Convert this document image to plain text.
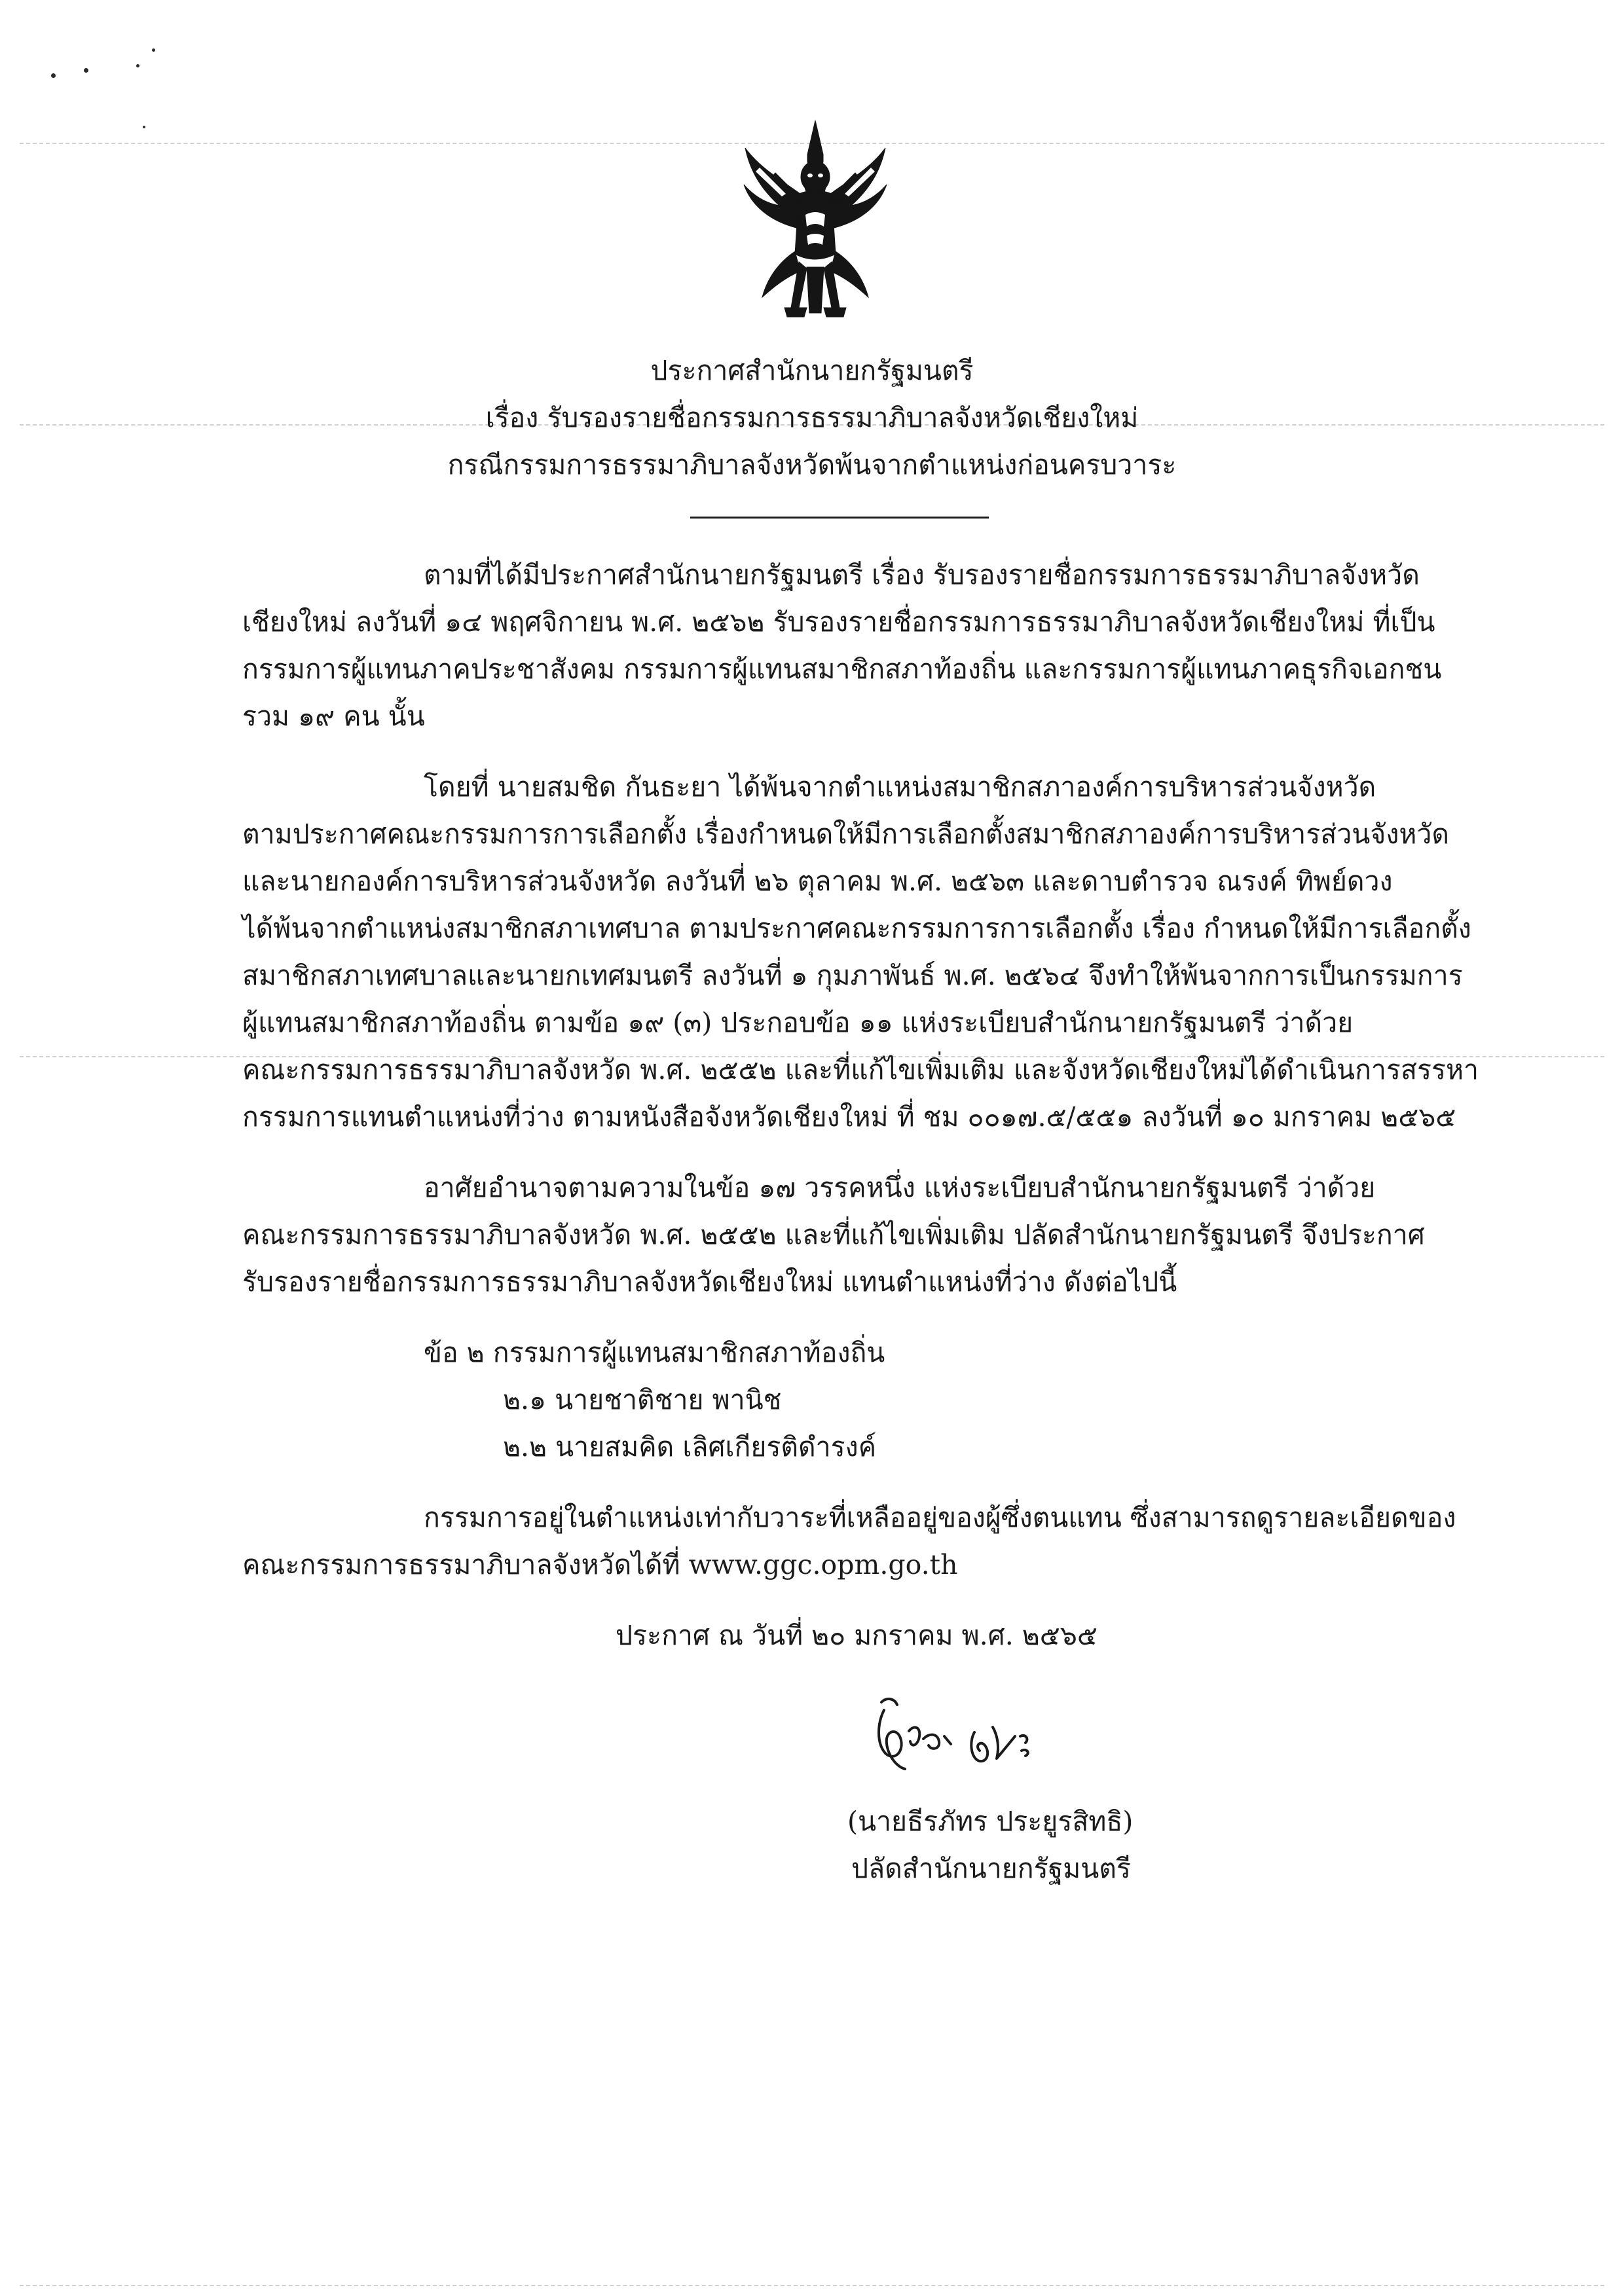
ประกาศสำนักนายกรัฐมนตรี
เรื่อง รับรองรายชื่อกรรมการธรรมาภิบาลจังหวัดเชียงใหม่
กรณีกรรมการธรรมาภิบาลจังหวัดพ้นจากตำแหน่งก่อนครบวาระ
ตามที่ได้มีประกาศสำนักนายกรัฐมนตรี เรื่อง รับรองรายชื่อกรรมการธรรมาภิบาลจังหวัด
เชียงใหม่ ลงวันที่ ๑๔ พฤศจิกายน พ.ศ. ๒๕๖๒ รับรองรายชื่อกรรมการธรรมาภิบาลจังหวัดเชียงใหม่ ที่เป็น
กรรมการผู้แทนภาคประชาสังคม กรรมการผู้แทนสมาชิกสภาท้องถิ่น และกรรมการผู้แทนภาคธุรกิจเอกชน
รวม ๑๙ คน นั้น
โดยที่ นายสมชิด กันธะยา ได้พ้นจากตำแหน่งสมาชิกสภาองค์การบริหารส่วนจังหวัด
ตามประกาศคณะกรรมการการเลือกตั้ง เรื่องกำหนดให้มีการเลือกตั้งสมาชิกสภาองค์การบริหารส่วนจังหวัด
และนายกองค์การบริหารส่วนจังหวัด ลงวันที่ ๒๖ ตุลาคม พ.ศ. ๒๕๖๓ และดาบตำรวจ ณรงค์ ทิพย์ดวง
ได้พ้นจากตำแหน่งสมาชิกสภาเทศบาล ตามประกาศคณะกรรมการการเลือกตั้ง เรื่อง กำหนดให้มีการเลือกตั้ง
สมาชิกสภาเทศบาลและนายกเทศมนตรี ลงวันที่ ๑ กุมภาพันธ์ พ.ศ. ๒๕๖๔ จึงทำให้พ้นจากการเป็นกรรมการ
ผู้แทนสมาชิกสภาท้องถิ่น ตามข้อ ๑๙ (๓) ประกอบข้อ ๑๑ แห่งระเบียบสำนักนายกรัฐมนตรี ว่าด้วย
คณะกรรมการธรรมาภิบาลจังหวัด พ.ศ. ๒๕๕๒ และที่แก้ไขเพิ่มเติม และจังหวัดเชียงใหม่ได้ดำเนินการสรรหา
กรรมการแทนตำแหน่งที่ว่าง ตามหนังสือจังหวัดเชียงใหม่ ที่ ชม ๐๐๑๗.๕/๕๕๑ ลงวันที่ ๑๐ มกราคม ๒๕๖๕
อาศัยอำนาจตามความในข้อ ๑๗ วรรคหนึ่ง แห่งระเบียบสำนักนายกรัฐมนตรี ว่าด้วย
คณะกรรมการธรรมาภิบาลจังหวัด พ.ศ. ๒๕๕๒ และที่แก้ไขเพิ่มเติม ปลัดสำนักนายกรัฐมนตรี จึงประกาศ
รับรองรายชื่อกรรมการธรรมาภิบาลจังหวัดเชียงใหม่ แทนตำแหน่งที่ว่าง ดังต่อไปนี้
ข้อ ๒ กรรมการผู้แทนสมาชิกสภาท้องถิ่น
๒.๑ นายชาติชาย พานิช
๒.๒ นายสมคิด เลิศเกียรติดำรงค์
กรรมการอยู่ในตำแหน่งเท่ากับวาระที่เหลืออยู่ของผู้ซึ่งตนแทน ซึ่งสามารถดูรายละเอียดของ
คณะกรรมการธรรมาภิบาลจังหวัดได้ที่ www.ggc.opm.go.th
ประกาศ ณ วันที่ ๒๐ มกราคม พ.ศ. ๒๕๖๕
(นายธีรภัทร ประยูรสิทธิ)
ปลัดสำนักนายกรัฐมนตรี
